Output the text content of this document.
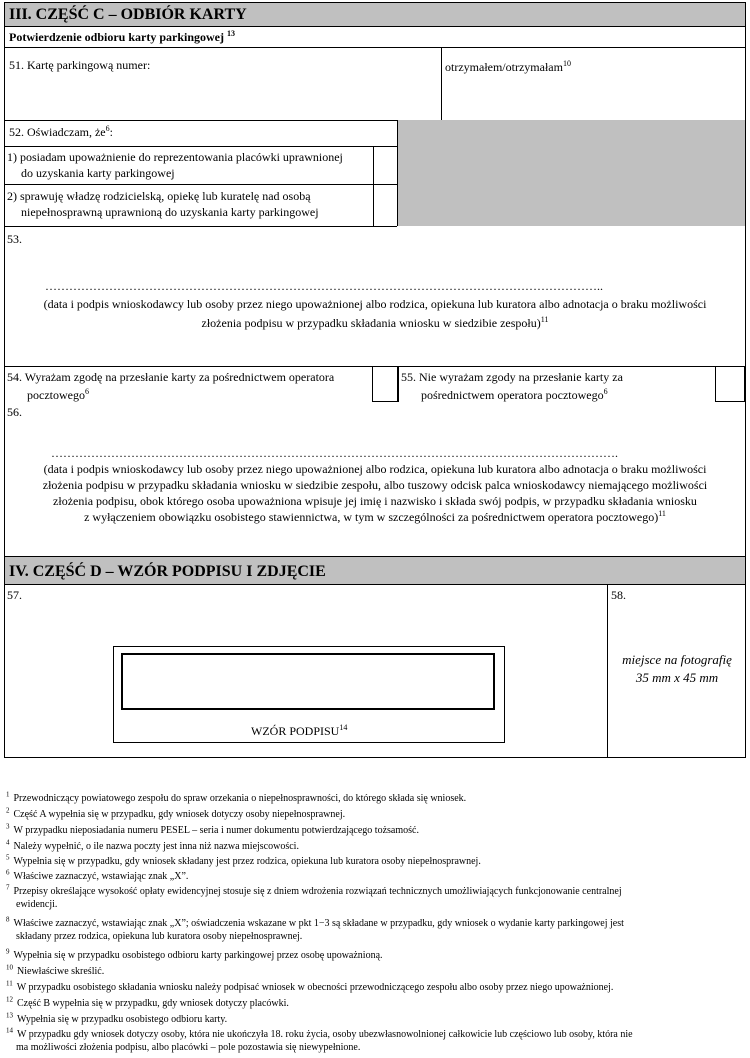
III. CZĘŚĆ C – ODBIÓR KARTY
Potwierdzenie odbioru karty parkingowej $^{13}$
51. Kartę parkingową numer:	otrzymałem/otrzymałam$^{10}$
52. Oświadczam, $że^6$:
1) posiadam upoważnienie do reprezentowania placówki uprawnionej
do uzyskania karty parkingowej
2) sprawuję władzę rodzicielską, opiekę lub kuratelę nad osobą
niepełnosprawną uprawnioną do uzyskania karty parkingowej
53.
…………………………………………………………………………………………………………………………..
(data i podpis wnioskodawcy lub osoby przez niego upoważnionej albo rodzica, opiekuna lub kuratora albo adnotacja o braku możliwości
złożenia podpisu w przypadku składania wniosku w siedzibie zespołu)$^{11}$
54. Wyrażam zgodę na przesłanie karty za pośrednictwem operatora
pocztowego$^6$
55. Nie wyrażam zgody na przesłanie karty za
pośrednictwem operatora pocztowego$^6$
56.
…………………………………………………………………………………………………………………………….
(data i podpis wnioskodawcy lub osoby przez niego upoważnionej albo rodzica, opiekuna lub kuratora albo adnotacja o braku możliwości
złożenia podpisu w przypadku składania wniosku w siedzibie zespołu, albo tuszowy odcisk palca wnioskodawcy niemającego możliwości
złożenia podpisu, obok którego osoba upoważniona wpisuje jej imię i nazwisko i składa swój podpis, w przypadku składania wniosku
z wyłączeniem obowiązku osobistego stawiennictwa, w tym w szczególności za pośrednictwem operatora pocztowego)$^{11}$
IV. CZĘŚĆ D – WZÓR PODPISU I ZDJĘCIE
57.	58.
WZÓR PODPISU$^{14}$
miejsce na fotografię
35 mm x 45 mm
$^1$ Przewodniczący powiatowego zespołu do spraw orzekania o niepełnosprawności, do którego składa się wniosek.
$^2$ Część A wypełnia się w przypadku, gdy wniosek dotyczy osoby niepełnosprawnej.
$^3$ W przypadku nieposiadania numeru PESEL – seria i numer dokumentu potwierdzającego tożsamość.
$^4$ Należy wypełnić, o ile nazwa poczty jest inna niż nazwa miejscowości.
$^5$ Wypełnia się w przypadku, gdy wniosek składany jest przez rodzica, opiekuna lub kuratora osoby niepełnosprawnej.
$^6$ Właściwe zaznaczyć, wstawiając znak „X”.
$^7$ Przepisy określające wysokość opłaty ewidencyjnej stosuje się z dniem wdrożenia rozwiązań technicznych umożliwiających funkcjonowanie centralnej
ewidencji.
$^8$ Właściwe zaznaczyć, wstawiając znak „X”; oświadczenia wskazane w pkt 1−3 są składane w przypadku, gdy wniosek o wydanie karty parkingowej jest
składany przez rodzica, opiekuna lub kuratora osoby niepełnosprawnej.
$^9$ Wypełnia się w przypadku osobistego odbioru karty parkingowej przez osobę upoważnioną.
$^{10}$ Niewłaściwe skreślić.
$^{11}$ W przypadku osobistego składania wniosku należy podpisać wniosek w obecności przewodniczącego zespołu albo osoby przez niego upoważnionej.
$^{12}$ Część B wypełnia się w przypadku, gdy wniosek dotyczy placówki.
$^{13}$ Wypełnia się w przypadku osobistego odbioru karty.
$^{14}$ W przypadku gdy wniosek dotyczy osoby, która nie ukończyła 18. roku życia, osoby ubezwłasnowolnionej całkowicie lub częściowo lub osoby, która nie
ma możliwości złożenia podpisu, albo placówki – pole pozostawia się niewypełnione.
